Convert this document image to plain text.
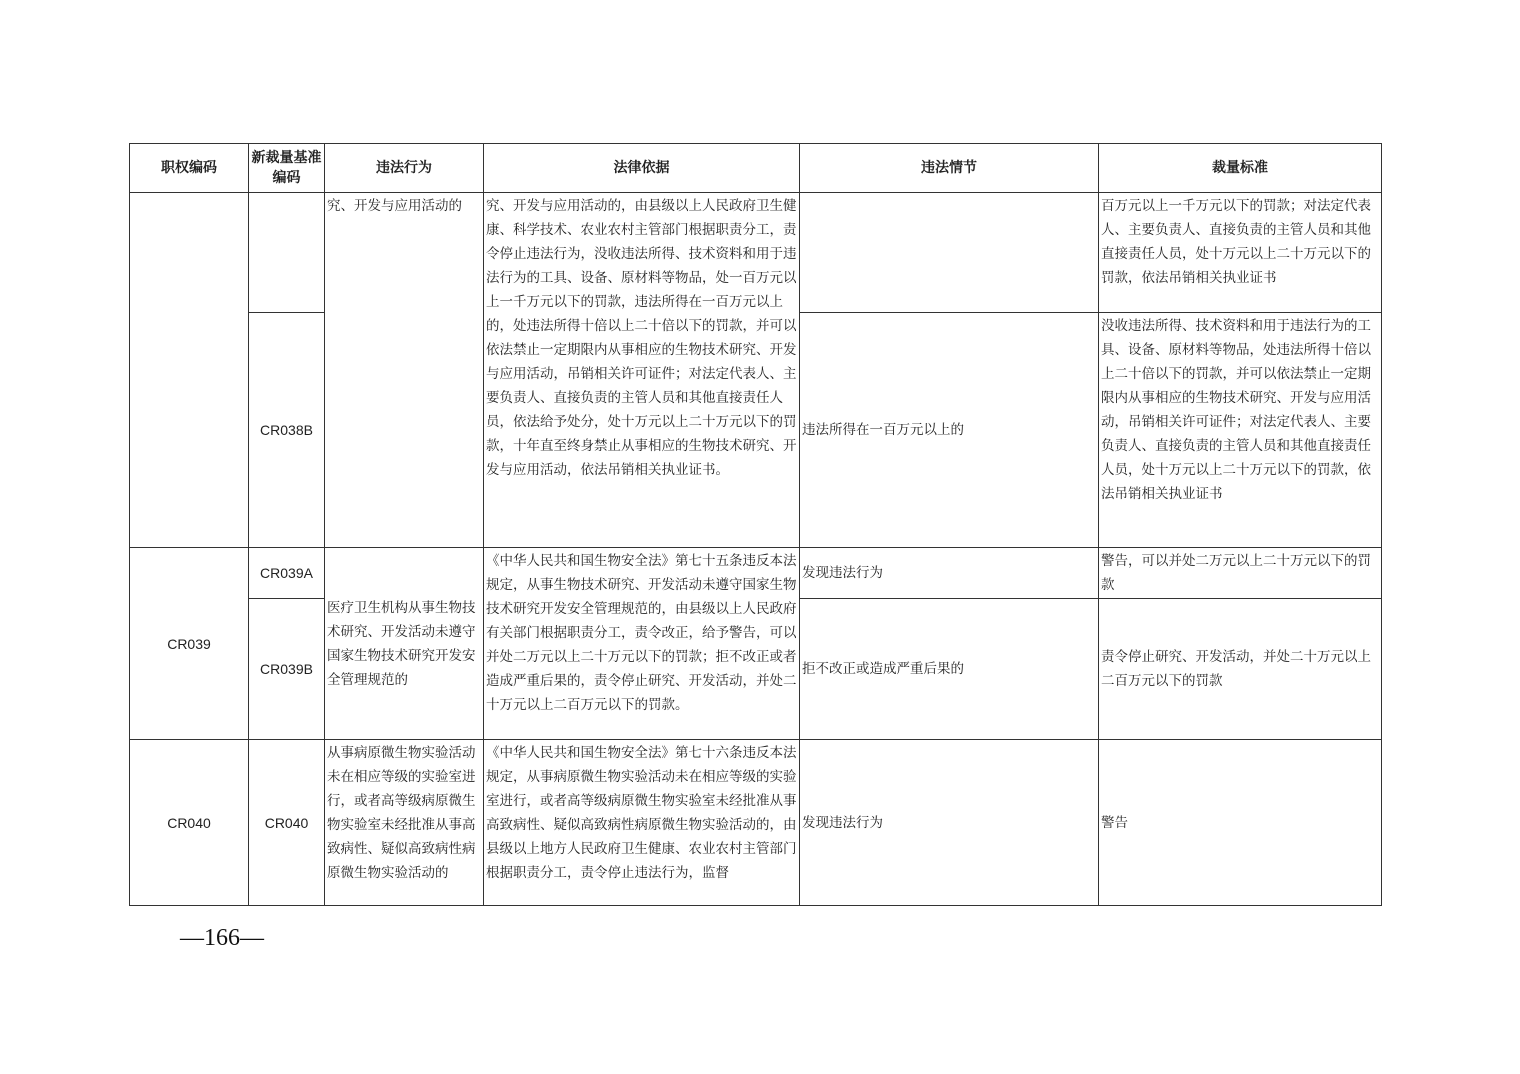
职权编码	新裁量基准编码	违法行为	法律依据	违法情节	裁量标准
		究、开发与应用活动的	究、开发与应用活动的，由县级以上人民政府卫生健康、科学技术、农业农村主管部门根据职责分工，责令停止违法行为，没收违法所得、技术资料和用于违法行为的工具、设备、原材料等物品，处一百万元以上一千万元以下的罚款，违法所得在一百万元以上的，处违法所得十倍以上二十倍以下的罚款，并可以依法禁止一定期限内从事相应的生物技术研究、开发与应用活动，吊销相关许可证件；对法定代表人、主要负责人、直接负责的主管人员和其他直接责任人员，依法给予处分，处十万元以上二十万元以下的罚款，十年直至终身禁止从事相应的生物技术研究、开发与应用活动，依法吊销相关执业证书。		百万元以上一千万元以下的罚款；对法定代表人、主要负责人、直接负责的主管人员和其他直接责任人员，处十万元以上二十万元以下的罚款，依法吊销相关执业证书
	CR038B			违法所得在一百万元以上的	没收违法所得、技术资料和用于违法行为的工具、设备、原材料等物品，处违法所得十倍以上二十倍以下的罚款，并可以依法禁止一定期限内从事相应的生物技术研究、开发与应用活动，吊销相关许可证件；对法定代表人、主要负责人、直接负责的主管人员和其他直接责任人员，处十万元以上二十万元以下的罚款，依法吊销相关执业证书
CR039	CR039A	医疗卫生机构从事生物技术研究、开发活动未遵守国家生物技术研究开发安全管理规范的	《中华人民共和国生物安全法》第七十五条违反本法规定，从事生物技术研究、开发活动未遵守国家生物技术研究开发安全管理规范的，由县级以上人民政府有关部门根据职责分工，责令改正，给予警告，可以并处二万元以上二十万元以下的罚款；拒不改正或者造成严重后果的，责令停止研究、开发活动，并处二十万元以上二百万元以下的罚款。	发现违法行为	警告，可以并处二万元以上二十万元以下的罚款
	CR039B			拒不改正或造成严重后果的	责令停止研究、开发活动，并处二十万元以上二百万元以下的罚款
CR040	CR040	从事病原微生物实验活动未在相应等级的实验室进行，或者高等级病原微生物实验室未经批准从事高致病性、疑似高致病性病原微生物实验活动的	《中华人民共和国生物安全法》第七十六条违反本法规定，从事病原微生物实验活动未在相应等级的实验室进行，或者高等级病原微生物实验室未经批准从事高致病性、疑似高致病性病原微生物实验活动的，由县级以上地方人民政府卫生健康、农业农村主管部门根据职责分工，责令停止违法行为，监督	发现违法行为	警告
—166—
